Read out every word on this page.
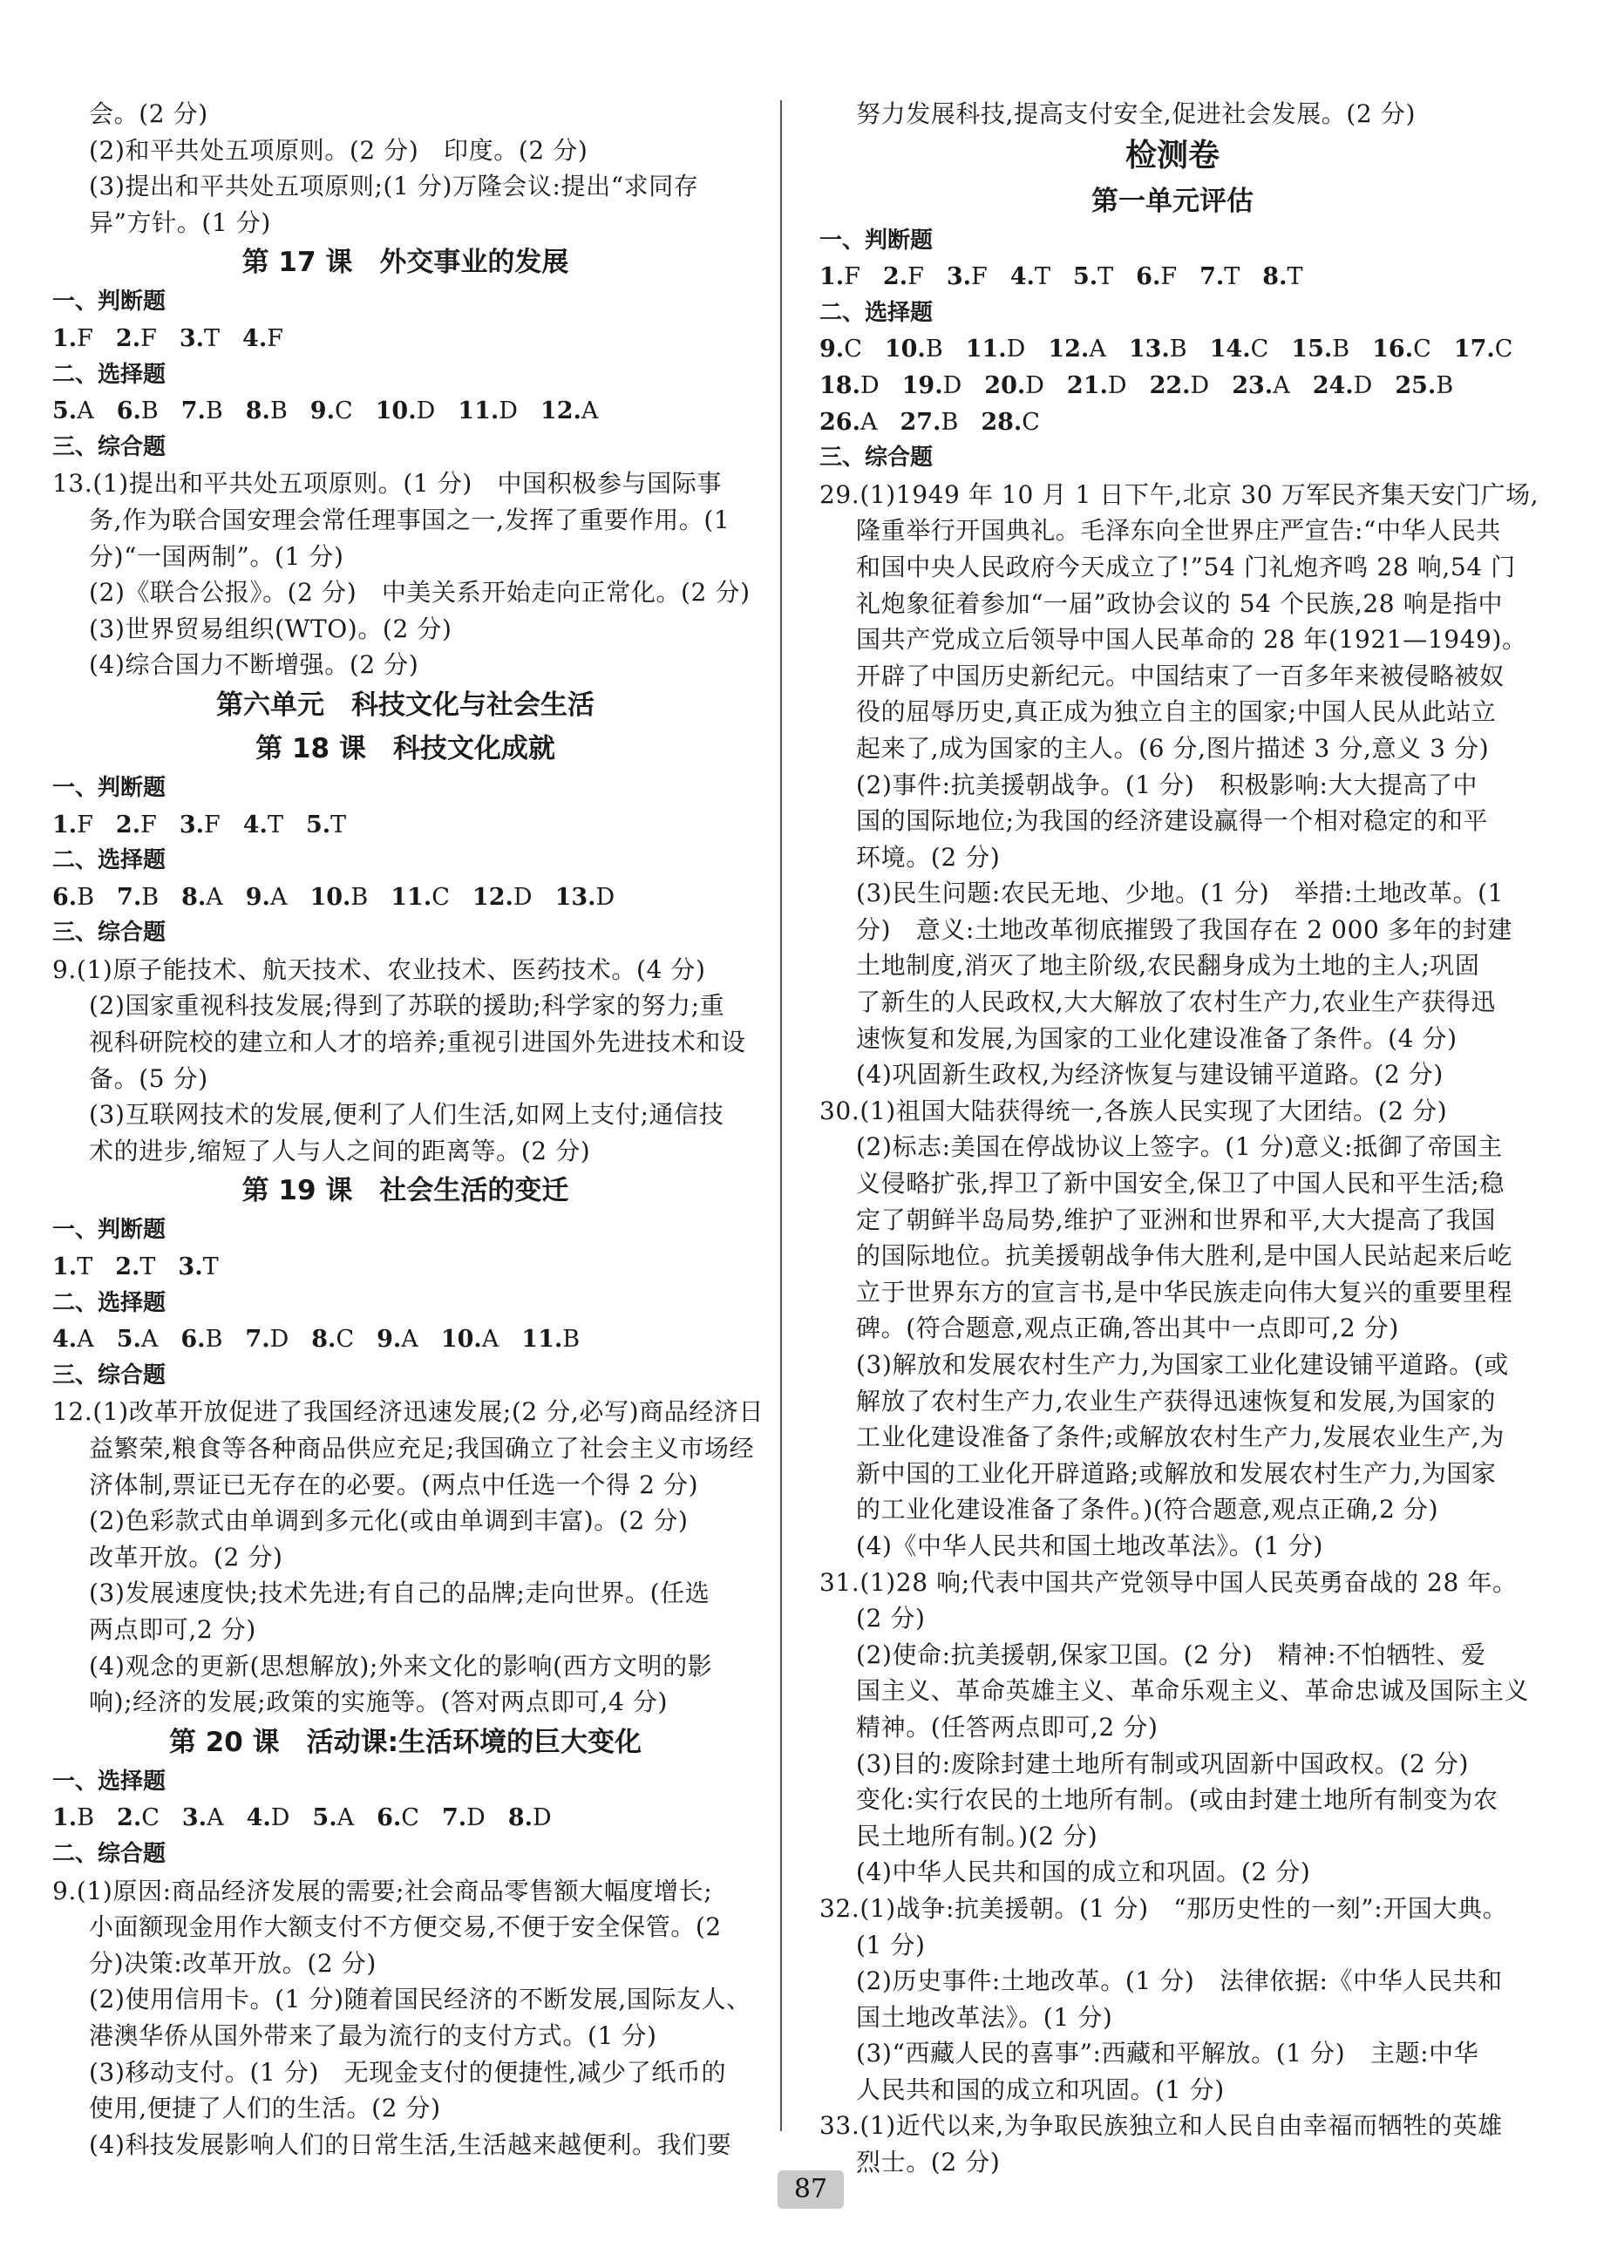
会。(2 分)
(2)和平共处五项原则。(2 分)　印度。(2 分)
(3)提出和平共处五项原则;(1 分)万隆会议:提出“求同存
异”方针。(1 分)
第 17 课　外交事业的发展
一、判断题
1.F 2.F 3.T 4.F
二、选择题
5.A 6.B 7.B 8.B 9.C 10.D 11.D 12.A
三、综合题
13.(1)提出和平共处五项原则。(1 分)　中国积极参与国际事
务,作为联合国安理会常任理事国之一,发挥了重要作用。(1
分)“一国两制”。(1 分)
(2)《联合公报》。(2 分)　中美关系开始走向正常化。(2 分)
(3)世界贸易组织(WTO)。(2 分)
(4)综合国力不断增强。(2 分)
第六单元　科技文化与社会生活
第 18 课　科技文化成就
一、判断题
1.F 2.F 3.F 4.T 5.T
二、选择题
6.B 7.B 8.A 9.A 10.B 11.C 12.D 13.D
三、综合题
9.(1)原子能技术、航天技术、农业技术、医药技术。(4 分)
(2)国家重视科技发展;得到了苏联的援助;科学家的努力;重
视科研院校的建立和人才的培养;重视引进国外先进技术和设
备。(5 分)
(3)互联网技术的发展,便利了人们生活,如网上支付;通信技
术的进步,缩短了人与人之间的距离等。(2 分)
第 19 课　社会生活的变迁
一、判断题
1.T 2.T 3.T
二、选择题
4.A 5.A 6.B 7.D 8.C 9.A 10.A 11.B
三、综合题
12.(1)改革开放促进了我国经济迅速发展;(2 分,必写)商品经济日
益繁荣,粮食等各种商品供应充足;我国确立了社会主义市场经
济体制,票证已无存在的必要。(两点中任选一个得 2 分)
(2)色彩款式由单调到多元化(或由单调到丰富)。(2 分)
改革开放。(2 分)
(3)发展速度快;技术先进;有自己的品牌;走向世界。(任选
两点即可,2 分)
(4)观念的更新(思想解放);外来文化的影响(西方文明的影
响);经济的发展;政策的实施等。(答对两点即可,4 分)
第 20 课　活动课:生活环境的巨大变化
一、选择题
1.B 2.C 3.A 4.D 5.A 6.C 7.D 8.D
二、综合题
9.(1)原因:商品经济发展的需要;社会商品零售额大幅度增长;
小面额现金用作大额支付不方便交易,不便于安全保管。(2
分)决策:改革开放。(2 分)
(2)使用信用卡。(1 分)随着国民经济的不断发展,国际友人、
港澳华侨从国外带来了最为流行的支付方式。(1 分)
(3)移动支付。(1 分)　无现金支付的便捷性,减少了纸币的
使用,便捷了人们的生活。(2 分)
(4)科技发展影响人们的日常生活,生活越来越便利。我们要
努力发展科技,提高支付安全,促进社会发展。(2 分)
检测卷
第一单元评估
一、判断题
1.F 2.F 3.F 4.T 5.T 6.F 7.T 8.T
二、选择题
9.C 10.B 11.D 12.A 13.B 14.C 15.B 16.C 17.C
18.D 19.D 20.D 21.D 22.D 23.A 24.D 25.B
26.A 27.B 28.C
三、综合题
29.(1)1949 年 10 月 1 日下午,北京 30 万军民齐集天安门广场,
隆重举行开国典礼。毛泽东向全世界庄严宣告:“中华人民共
和国中央人民政府今天成立了!”54 门礼炮齐鸣 28 响,54 门
礼炮象征着参加“一届”政协会议的 54 个民族,28 响是指中
国共产党成立后领导中国人民革命的 28 年(1921—1949)。
开辟了中国历史新纪元。中国结束了一百多年来被侵略被奴
役的屈辱历史,真正成为独立自主的国家;中国人民从此站立
起来了,成为国家的主人。(6 分,图片描述 3 分,意义 3 分)
(2)事件:抗美援朝战争。(1 分)　积极影响:大大提高了中
国的国际地位;为我国的经济建设赢得一个相对稳定的和平
环境。(2 分)
(3)民生问题:农民无地、少地。(1 分)　举措:土地改革。(1
分)　意义:土地改革彻底摧毁了我国存在 2 000 多年的封建
土地制度,消灭了地主阶级,农民翻身成为土地的主人;巩固
了新生的人民政权,大大解放了农村生产力,农业生产获得迅
速恢复和发展,为国家的工业化建设准备了条件。(4 分)
(4)巩固新生政权,为经济恢复与建设铺平道路。(2 分)
30.(1)祖国大陆获得统一,各族人民实现了大团结。(2 分)
(2)标志:美国在停战协议上签字。(1 分)意义:抵御了帝国主
义侵略扩张,捍卫了新中国安全,保卫了中国人民和平生活;稳
定了朝鲜半岛局势,维护了亚洲和世界和平,大大提高了我国
的国际地位。抗美援朝战争伟大胜利,是中国人民站起来后屹
立于世界东方的宣言书,是中华民族走向伟大复兴的重要里程
碑。(符合题意,观点正确,答出其中一点即可,2 分)
(3)解放和发展农村生产力,为国家工业化建设铺平道路。(或
解放了农村生产力,农业生产获得迅速恢复和发展,为国家的
工业化建设准备了条件;或解放农村生产力,发展农业生产,为
新中国的工业化开辟道路;或解放和发展农村生产力,为国家
的工业化建设准备了条件。)(符合题意,观点正确,2 分)
(4)《中华人民共和国土地改革法》。(1 分)
31.(1)28 响;代表中国共产党领导中国人民英勇奋战的 28 年。
(2 分)
(2)使命:抗美援朝,保家卫国。(2 分)　精神:不怕牺牲、爱
国主义、革命英雄主义、革命乐观主义、革命忠诚及国际主义
精神。(任答两点即可,2 分)
(3)目的:废除封建土地所有制或巩固新中国政权。(2 分)
变化:实行农民的土地所有制。(或由封建土地所有制变为农
民土地所有制。)(2 分)
(4)中华人民共和国的成立和巩固。(2 分)
32.(1)战争:抗美援朝。(1 分)　“那历史性的一刻”:开国大典。
(1 分)
(2)历史事件:土地改革。(1 分)　法律依据:《中华人民共和
国土地改革法》。(1 分)
(3)“西藏人民的喜事”:西藏和平解放。(1 分)　主题:中华
人民共和国的成立和巩固。(1 分)
33.(1)近代以来,为争取民族独立和人民自由幸福而牺牲的英雄
烈士。(2 分)
87
